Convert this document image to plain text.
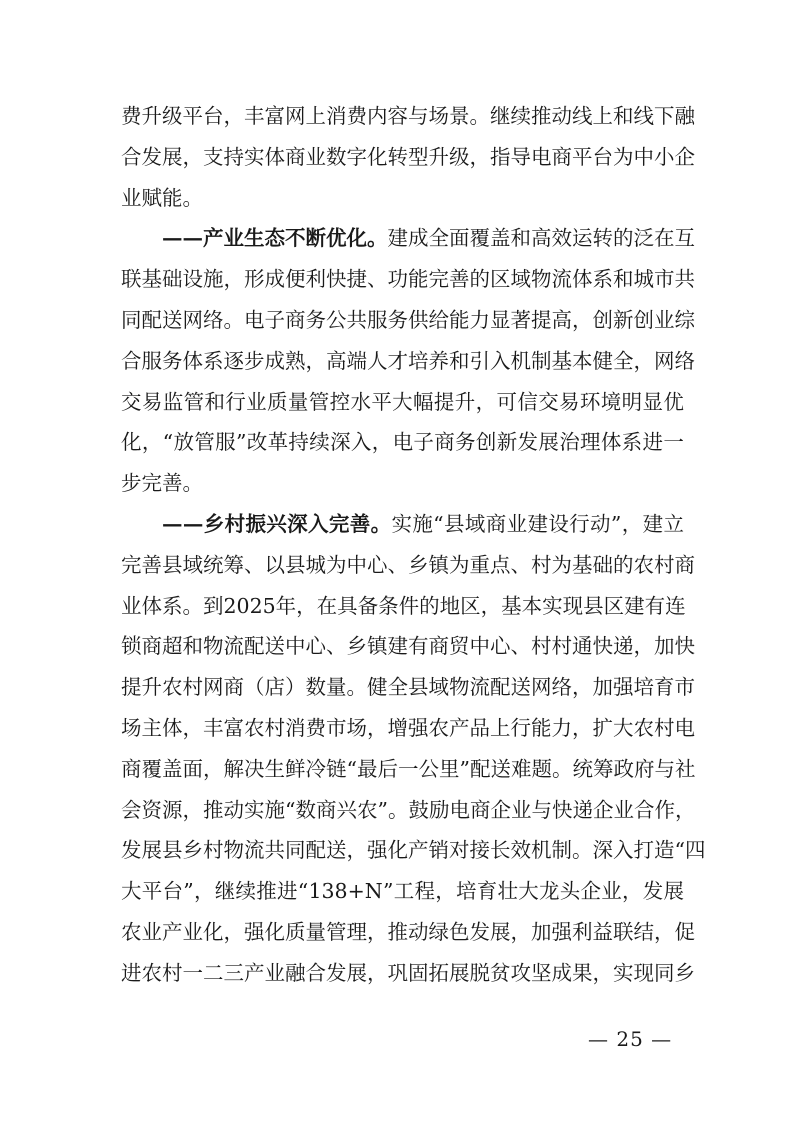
费 升 级 平 台 ， 丰 富 网 上 消 费 内 容 与 场 景 。 继 续 推 动 线 上 和 线 下 融
合 发 展 ， 支 持 实 体 商 业 数 字 化 转 型 升 级 ， 指 导 电 商 平 台 为 中 小 企
业 赋 能 。
— — 产 业 生 态 不 断 优 化 。 建 成 全 面 覆 盖 和 高 效 运 转 的 泛 在 互
联 基 础 设 施 ， 形 成 便 利 快 捷 、 功 能 完 善 的 区 域 物 流 体 系 和 城 市 共
同 配 送 网 络 。 电 子 商 务 公 共 服 务 供 给 能 力 显 著 提 高 ， 创 新 创 业 综
合 服 务 体 系 逐 步 成 熟 ， 高 端 人 才 培 养 和 引 入 机 制 基 本 健 全 ， 网 络
交 易 监 管 和 行 业 质 量 管 控 水 平 大 幅 提 升 ， 可 信 交 易 环 境 明 显 优
化 ， “ 放 管 服 ” 改 革 持 续 深 入 ， 电 子 商 务 创 新 发 展 治 理 体 系 进 一
步 完 善 。
— — 乡 村 振 兴 深 入 完 善 。 实 施 “ 县 域 商 业 建 设 行 动 ” ， 建 立
完 善 县 域 统 筹 、 以 县 城 为 中 心 、 乡 镇 为 重 点 、 村 为 基 础 的 农 村 商
业 体 系 。 到 2025 年 ， 在 具 备 条 件 的 地 区 ， 基 本 实 现 县 区 建 有 连
锁 商 超 和 物 流 配 送 中 心 、 乡 镇 建 有 商 贸 中 心 、 村 村 通 快 递 ， 加 快
提 升 农 村 网 商 （ 店 ） 数 量 。 健 全 县 域 物 流 配 送 网 络 ， 加 强 培 育 市
场 主 体 ， 丰 富 农 村 消 费 市 场 ， 增 强 农 产 品 上 行 能 力 ， 扩 大 农 村 电
商 覆 盖 面 ， 解 决 生 鲜 冷 链 “ 最 后 一 公 里 ” 配 送 难 题 。 统 筹 政 府 与 社
会 资 源 ， 推 动 实 施 “ 数 商 兴 农 ” 。 鼓 励 电 商 企 业 与 快 递 企 业 合 作 ，
发 展 县 乡 村 物 流 共 同 配 送 ， 强 化 产 销 对 接 长 效 机 制 。 深 入 打 造 “ 四
大 平 台 ” ， 继 续 推 进 “ 138+N ” 工 程 ， 培 育 壮 大 龙 头 企 业 ， 发 展
农 业 产 业 化 ， 强 化 质 量 管 理 ， 推 动 绿 色 发 展 ， 加 强 利 益 联 结 ， 促
进 农 村 一 二 三 产 业 融 合 发 展 ， 巩 固 拓 展 脱 贫 攻 坚 成 果 ， 实 现 同 乡
— 25 —
